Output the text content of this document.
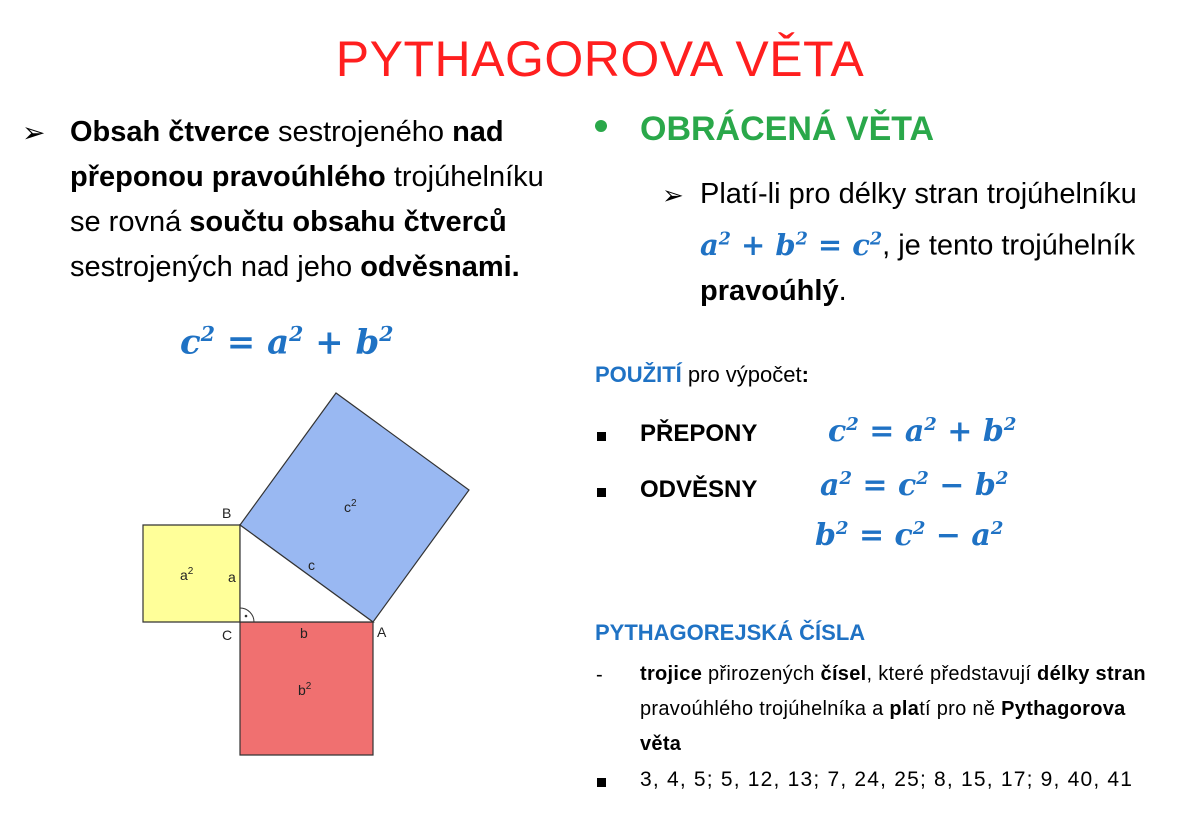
PYTHAGOROVA VĚTA
➢ Obsah čtverce sestrojeného nad přeponou pravoúhlého trojúhelníku se rovná součtu obsahu čtverců sestrojených nad jeho odvěsnami.

$c^2 = a^2 + b^2$
B
C	A
a
b
c
$a^2$
$b^2$
$c^2$
OBRÁCENÁ VĚTA
➢ Platí-li pro délky stran trojúhelníku $a^2 + b^2 = c^2$, je tento trojúhelník pravoúhlý.

POUŽITÍ pro výpočet:
PŘEPONY $c^2 = a^2 + b^2$
ODVĚSNY $a^2 = c^2 - b^2$
$b^2 = c^2 - a^2$
PYTHAGOREJSKÁ ČÍSLA
- trojice přirozených čísel, které představují délky stran pravoúhlého trojúhelníka a platí pro ně Pythagorova věta

3, 4, 5; 5, 12, 13; 7, 24, 25; 8, 15, 17; 9, 40, 41
